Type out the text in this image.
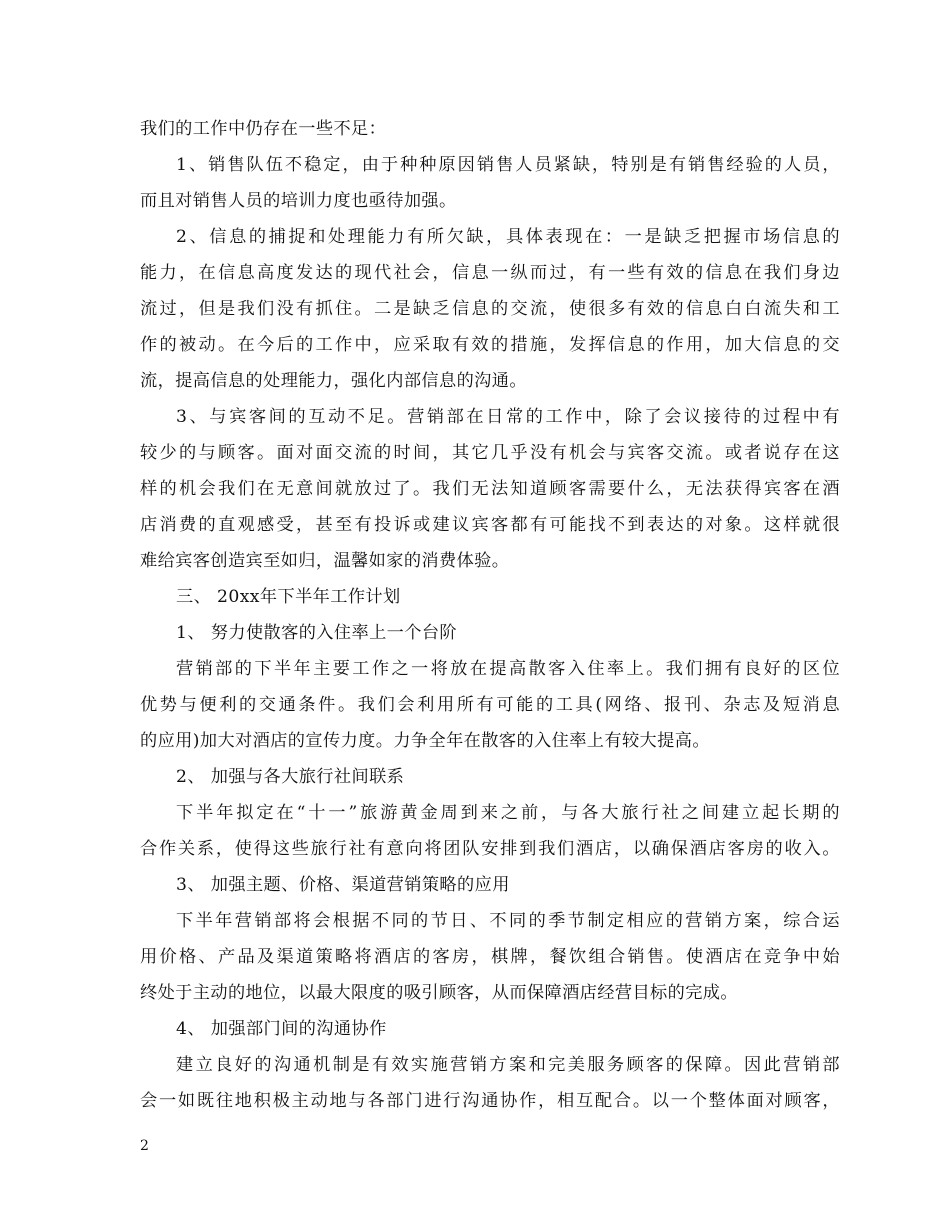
我们的工作中仍存在一些不足：
1、销售队伍不稳定，由于种种原因销售人员紧缺，特别是有销售经验的人员，
而且对销售人员的培训力度也亟待加强。
2、信息的捕捉和处理能力有所欠缺，具体表现在：一是缺乏把握市场信息的
能力，在信息高度发达的现代社会，信息一纵而过，有一些有效的信息在我们身边
流过，但是我们没有抓住。二是缺乏信息的交流，使很多有效的信息白白流失和工
作的被动。在今后的工作中，应采取有效的措施，发挥信息的作用，加大信息的交
流，提高信息的处理能力，强化内部信息的沟通。
3、与宾客间的互动不足。营销部在日常的工作中，除了会议接待的过程中有
较少的与顾客。面对面交流的时间，其它几乎没有机会与宾客交流。或者说存在这
样的机会我们在无意间就放过了。我们无法知道顾客需要什么，无法获得宾客在酒
店消费的直观感受，甚至有投诉或建议宾客都有可能找不到表达的对象。这样就很
难给宾客创造宾至如归，温馨如家的消费体验。
三、 20xx年下半年工作计划
1、 努力使散客的入住率上一个台阶
营销部的下半年主要工作之一将放在提高散客入住率上。我们拥有良好的区位
优势与便利的交通条件。我们会利用所有可能的工具(网络、报刊、杂志及短消息
的应用)加大对酒店的宣传力度。力争全年在散客的入住率上有较大提高。
2、 加强与各大旅行社间联系
下半年拟定在“十一”旅游黄金周到来之前，与各大旅行社之间建立起长期的
合作关系，使得这些旅行社有意向将团队安排到我们酒店，以确保酒店客房的收入。
3、 加强主题、价格、渠道营销策略的应用
下半年营销部将会根据不同的节日、不同的季节制定相应的营销方案，综合运
用价格、产品及渠道策略将酒店的客房，棋牌，餐饮组合销售。使酒店在竞争中始
终处于主动的地位，以最大限度的吸引顾客，从而保障酒店经营目标的完成。
4、 加强部门间的沟通协作
建立良好的沟通机制是有效实施营销方案和完美服务顾客的保障。因此营销部
会一如既往地积极主动地与各部门进行沟通协作，相互配合。以一个整体面对顾客，
2
